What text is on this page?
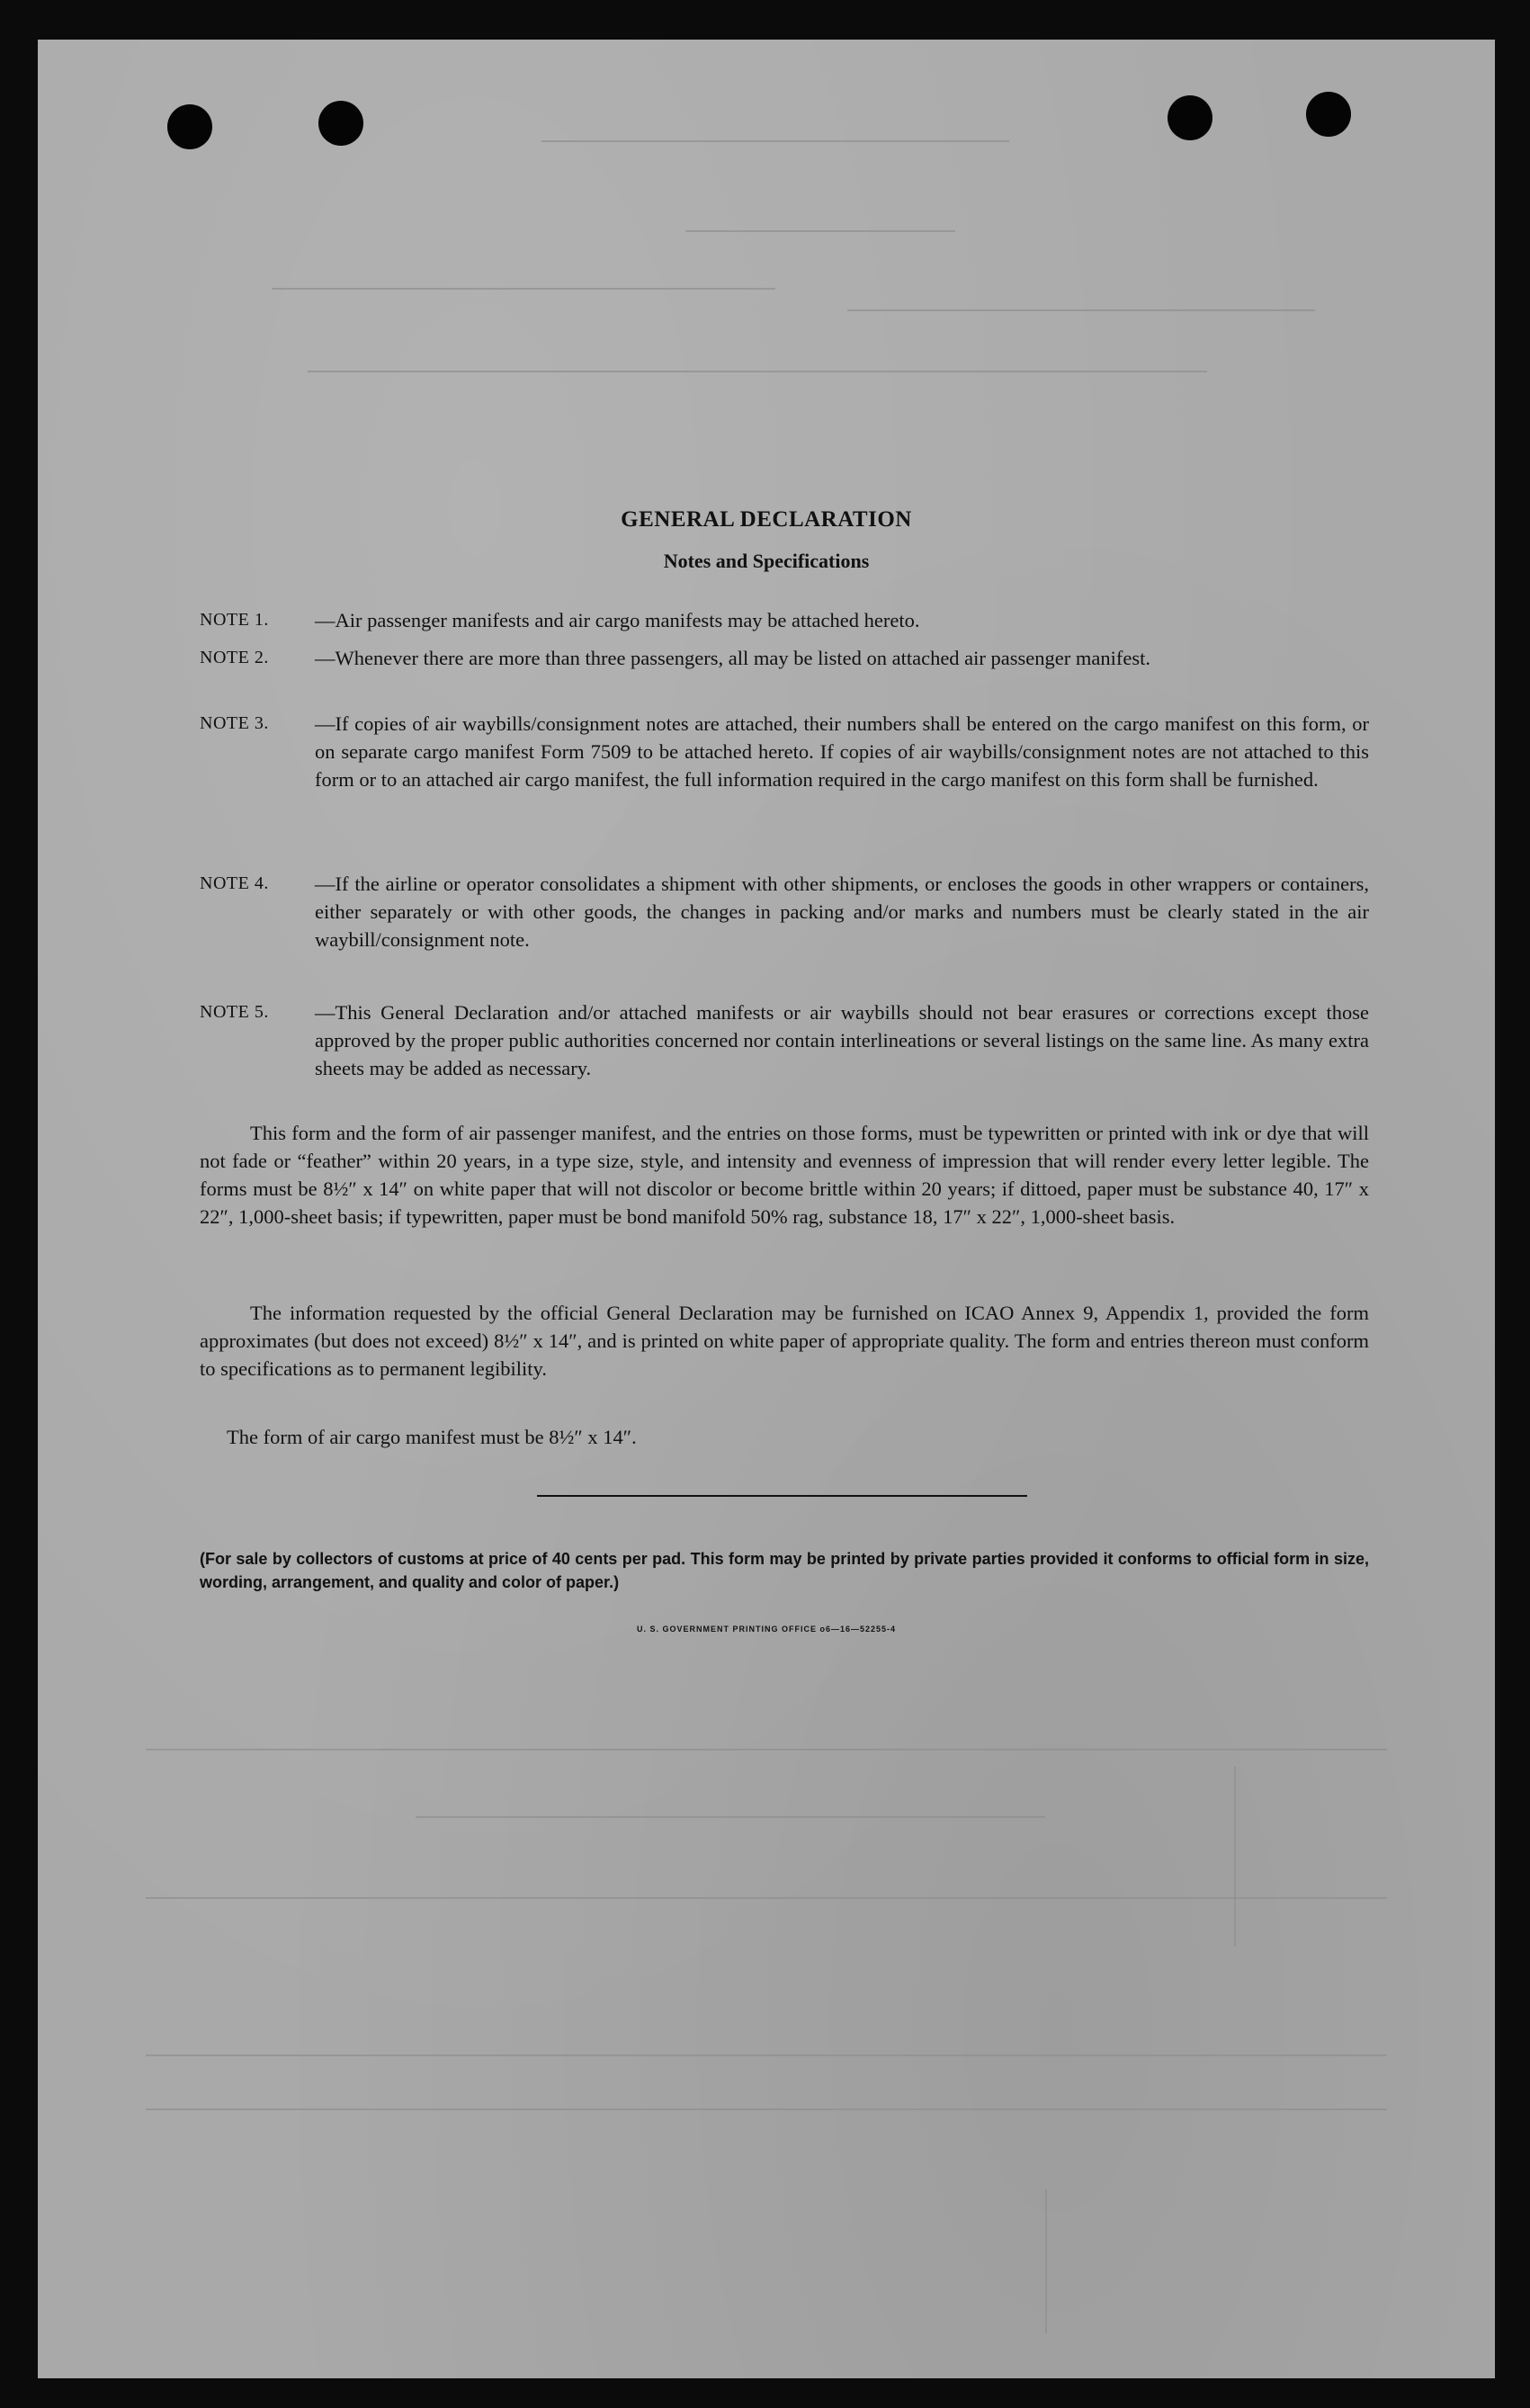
GENERAL DECLARATION
Notes and Specifications
NOTE 1.	—Air passenger manifests and air cargo manifests may be attached hereto.
NOTE 2.	—Whenever there are more than three passengers, all may be listed on attached air passenger manifest.
NOTE 3.	—If copies of air waybills/consignment notes are attached, their numbers shall be entered on the cargo manifest on this form, or on separate cargo manifest Form 7509 to be attached hereto. If copies of air waybills/consignment notes are not attached to this form or to an attached air cargo manifest, the full information required in the cargo manifest on this form shall be furnished.
NOTE 4.	—If the airline or operator consolidates a shipment with other shipments, or encloses the goods in other wrappers or containers, either separately or with other goods, the changes in packing and/or marks and numbers must be clearly stated in the air waybill/consignment note.
NOTE 5.	—This General Declaration and/or attached manifests or air waybills should not bear erasures or corrections except those approved by the proper public authorities concerned nor contain interlineations or several listings on the same line. As many extra sheets may be added as necessary.
This form and the form of air passenger manifest, and the entries on those forms, must be typewritten or printed with ink or dye that will not fade or “feather” within 20 years, in a type size, style, and intensity and evenness of impression that will render every letter legible. The forms must be 8½″ x 14″ on white paper that will not discolor or become brittle within 20 years; if dittoed, paper must be substance 40, 17″ x 22″, 1,000-sheet basis; if typewritten, paper must be bond manifold 50% rag, substance 18, 17″ x 22″, 1,000-sheet basis.
The information requested by the official General Declaration may be furnished on ICAO Annex 9, Appendix 1, provided the form approximates (but does not exceed) 8½″ x 14″, and is printed on white paper of appropriate quality. The form and entries thereon must conform to specifications as to permanent legibility.
The form of air cargo manifest must be 8½″ x 14″.
(For sale by collectors of customs at price of 40 cents per pad. This form may be printed by private parties provided it conforms to official form in size, wording, arrangement, and quality and color of paper.)
U. S. GOVERNMENT PRINTING OFFICE o6—16—52255-4
